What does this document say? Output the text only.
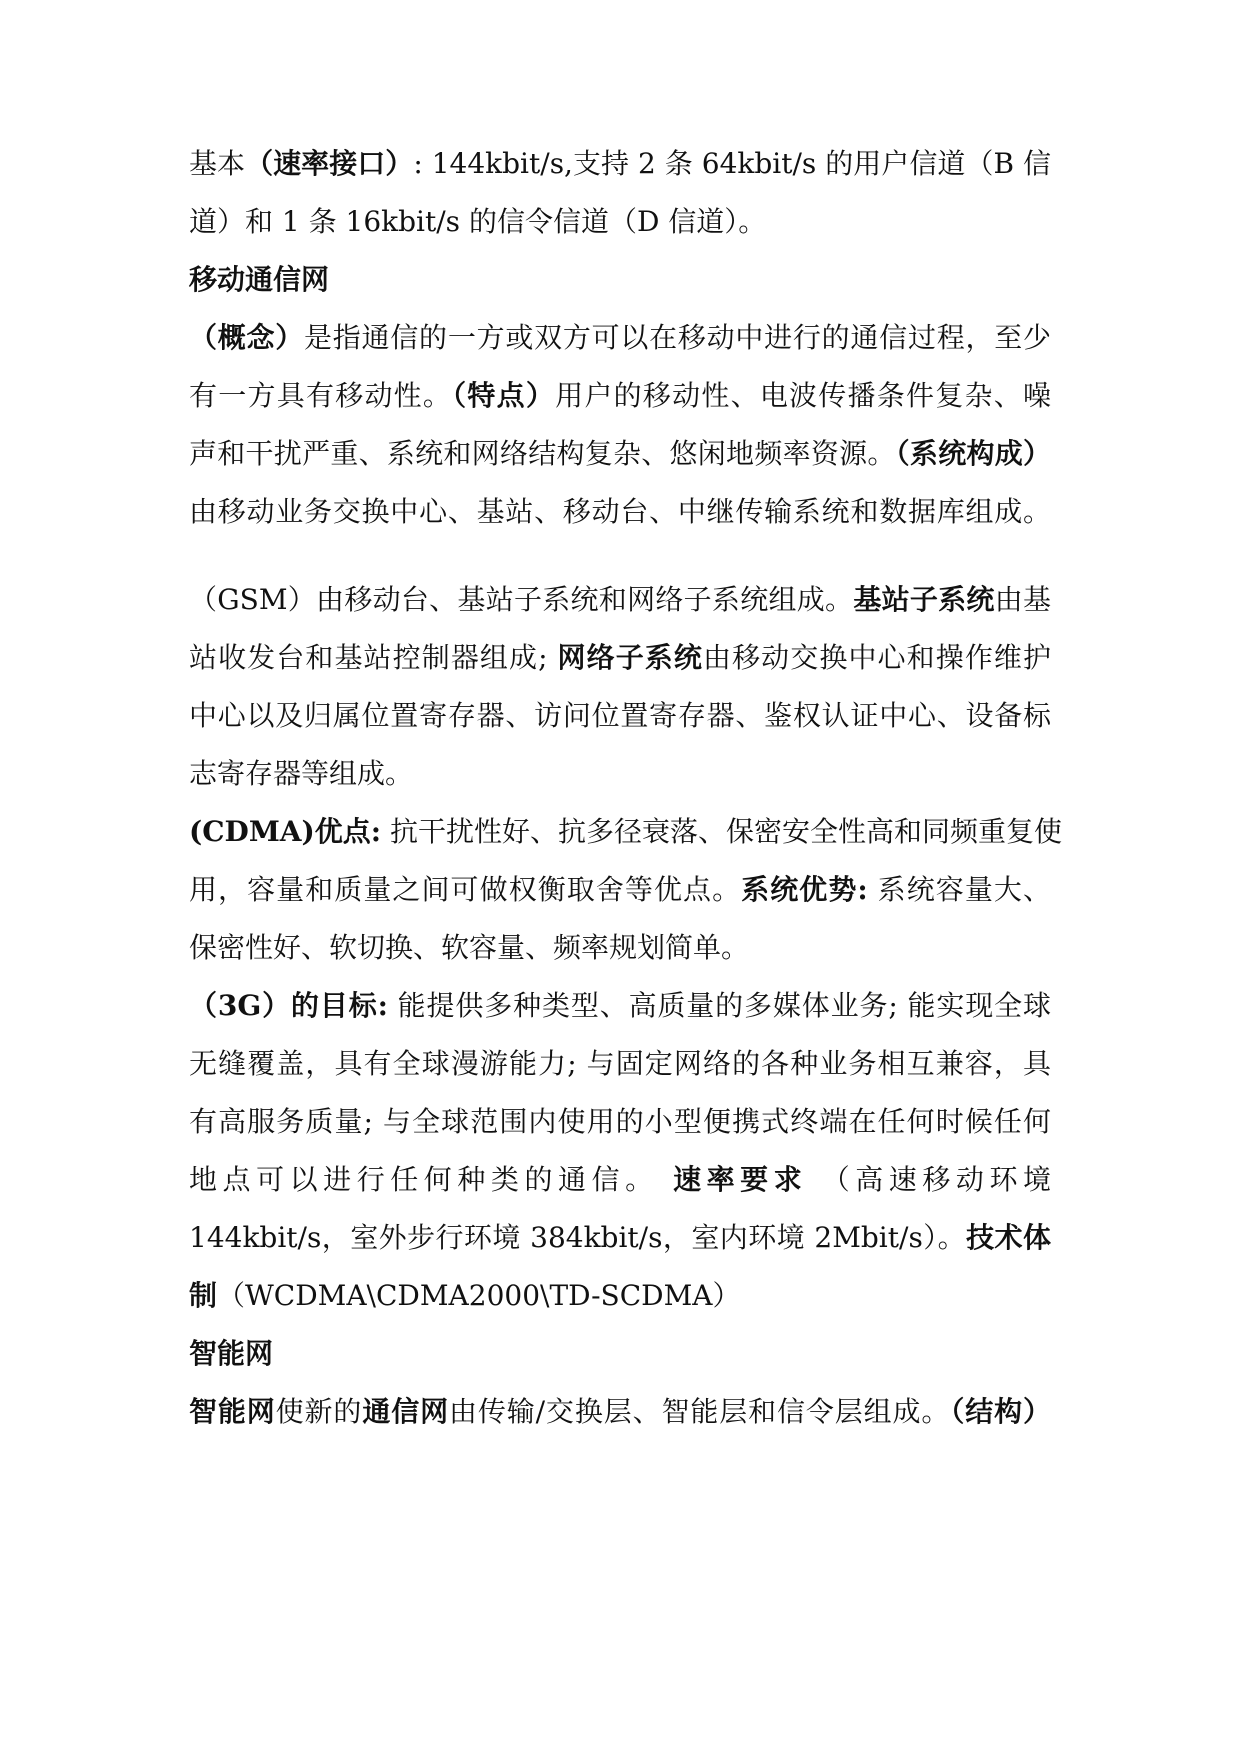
基本（速率接口）: 144kbit/s,支持 2 条 64kbit/s 的用户信道（B 信
道）和 1 条 16kbit/s 的信令信道（D 信道）。
移动通信网
（概念）是指通信的一方或双方可以在移动中进行的通信过程，至少
有一方具有移动性。（特点）用户的移动性、电波传播条件复杂、噪
声和干扰严重、系统和网络结构复杂、悠闲地频率资源。（系统构成）
由移动业务交换中心、基站、移动台、中继传输系统和数据库组成。
（GSM）由移动台、基站子系统和网络子系统组成。基站子系统由基
站收发台和基站控制器组成; 网络子系统由移动交换中心和操作维护
中心以及归属位置寄存器、访问位置寄存器、鉴权认证中心、设备标
志寄存器等组成。
(CDMA)优点: 抗干扰性好、抗多径衰落、保密安全性高和同频重复使
用，容量和质量之间可做权衡取舍等优点。系统优势: 系统容量大、
保密性好、软切换、软容量、频率规划简单。
（3G）的目标: 能提供多种类型、高质量的多媒体业务; 能实现全球
无缝覆盖，具有全球漫游能力; 与固定网络的各种业务相互兼容，具
有高服务质量; 与全球范围内使用的小型便携式终端在任何时候任何
地点可以进行任何种类的通信。 速率要求 （高速移动环境
144kbit/s，室外步行环境 384kbit/s，室内环境 2Mbit/s）。技术体
制（WCDMA\CDMA2000\TD-SCDMA）
智能网
智能网使新的通信网由传输/交换层、智能层和信令层组成。（结构）
